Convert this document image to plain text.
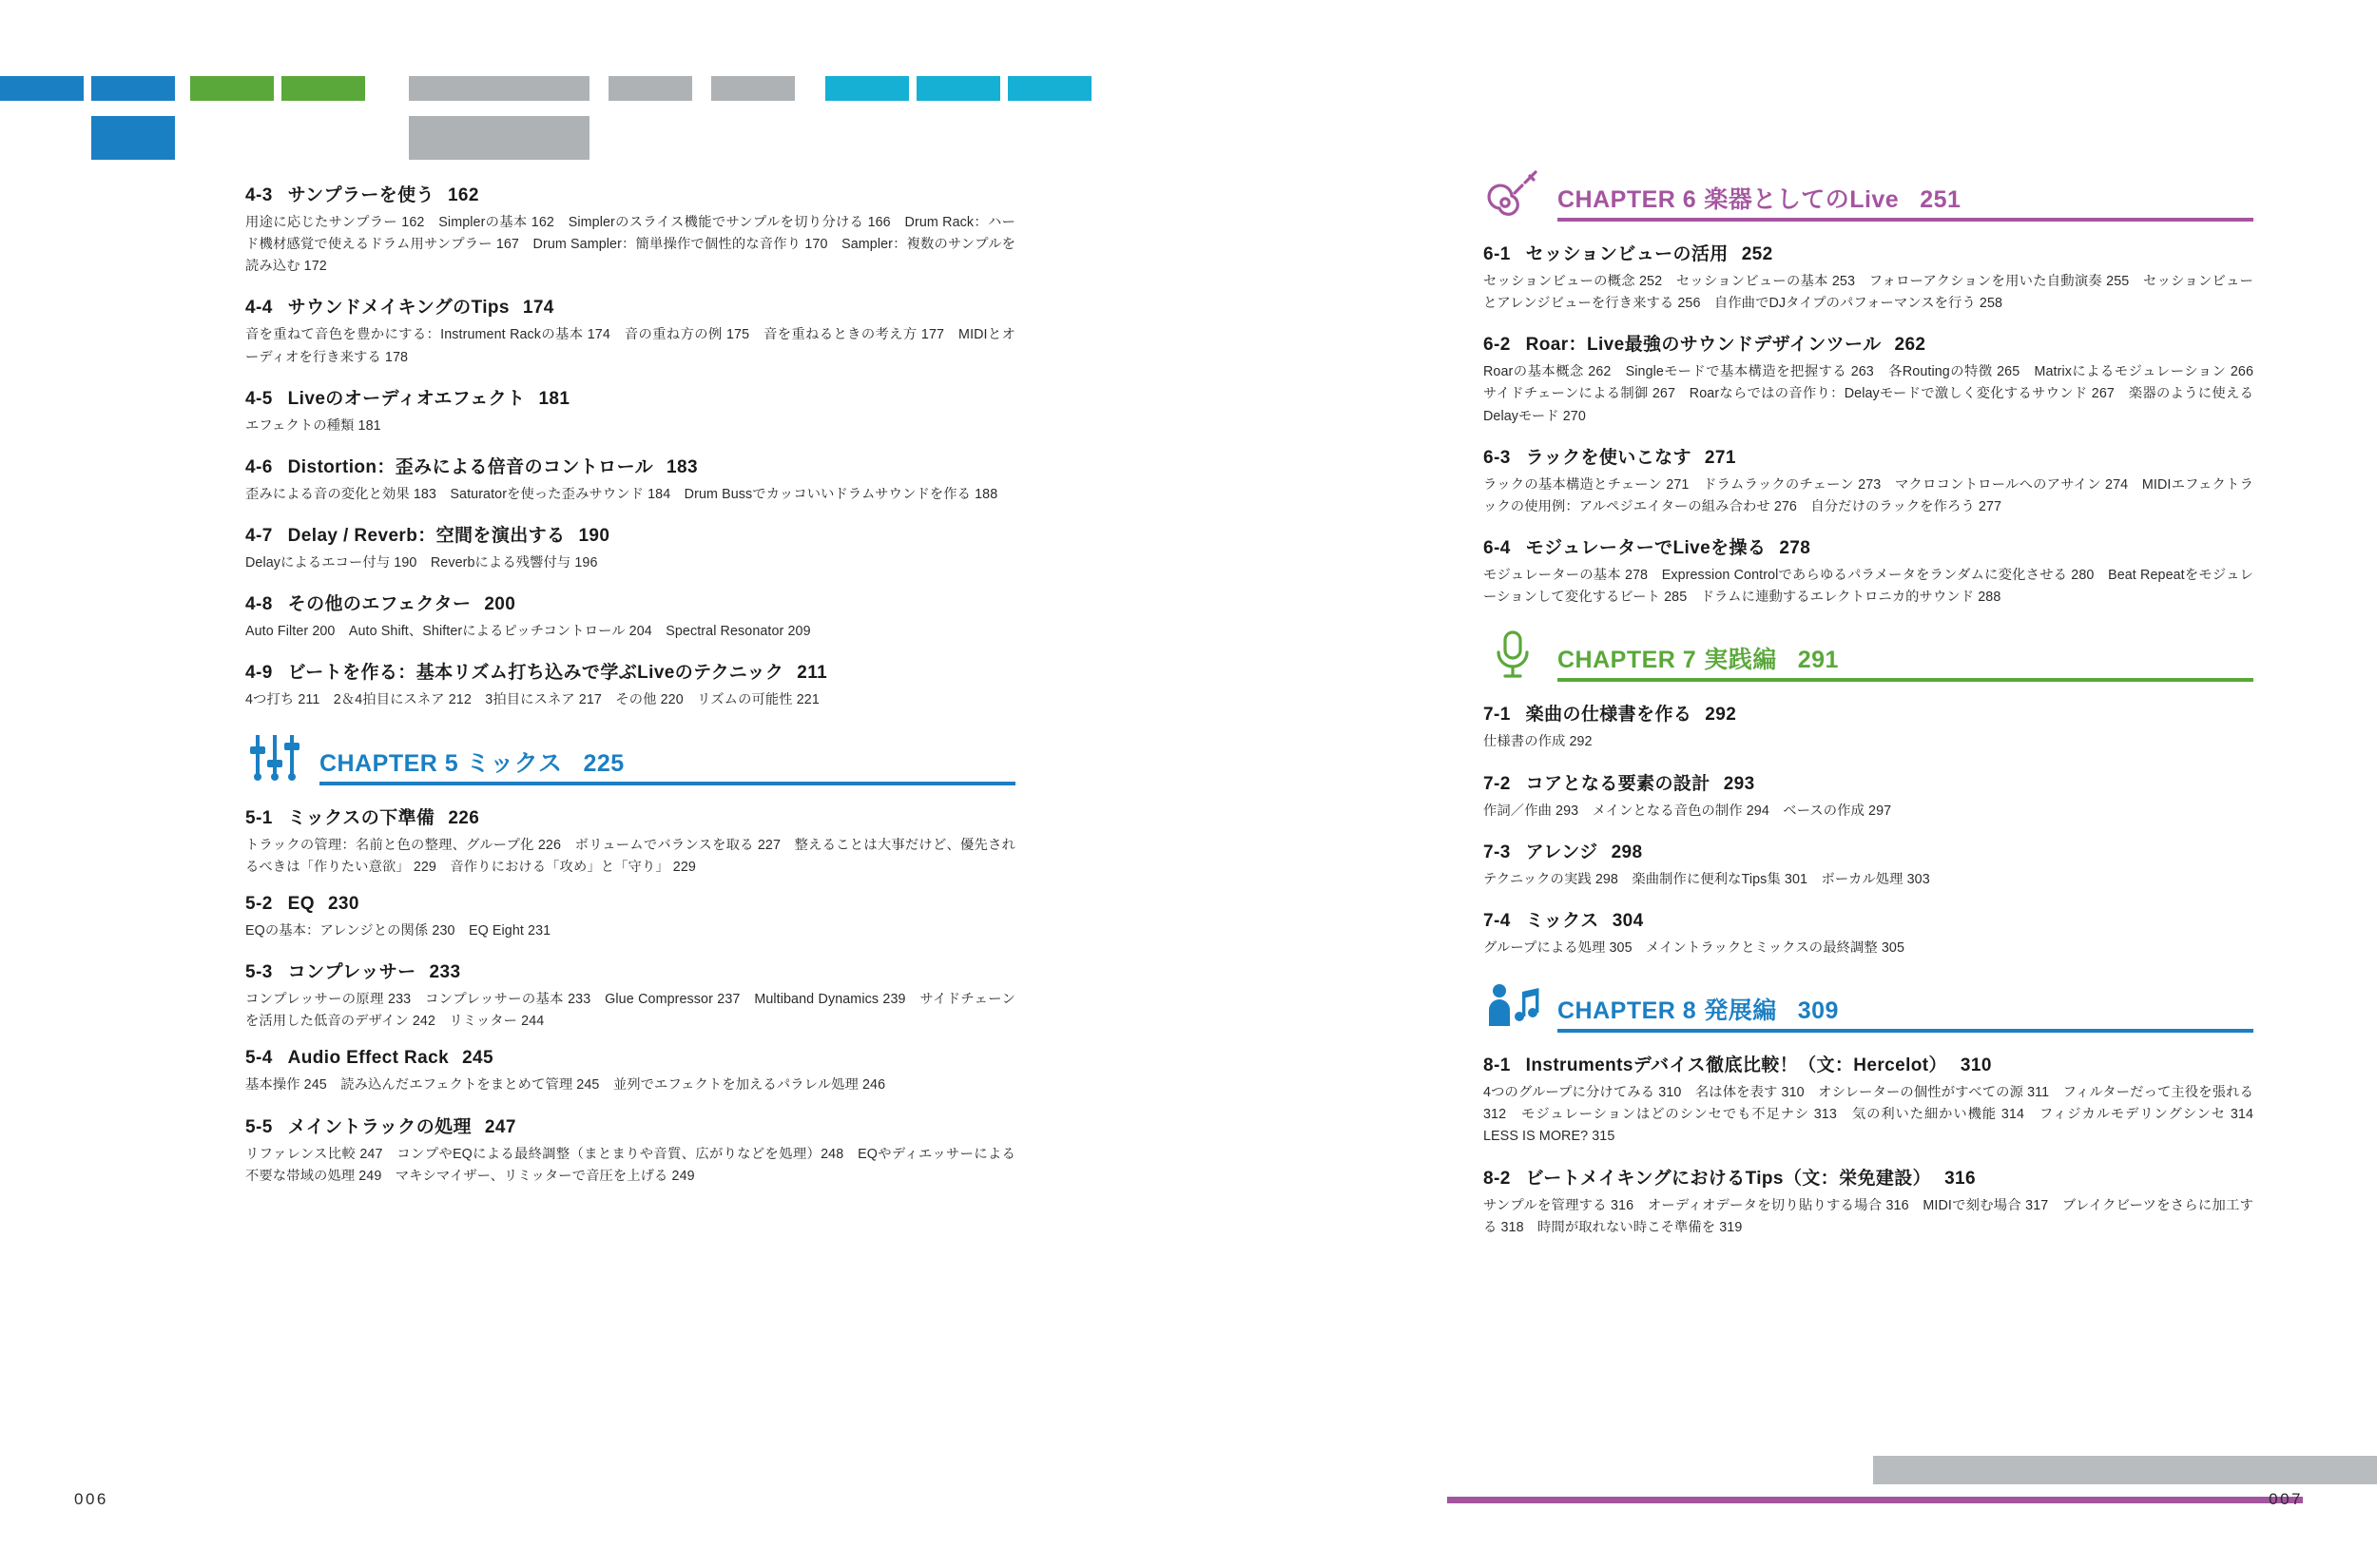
4-3 サンプラーを使う 162
用途に応じたサンプラー 162　Simplerの基本 162　Simplerのスライス機能でサンプルを切り分ける 166　Drum Rack：ハード機材感覚で使えるドラム用サンプラー 167　Drum Sampler：簡単操作で個性的な音作り 170　Sampler：複数のサンプルを読み込む 172
4-4 サウンドメイキングのTips 174
音を重ねて音色を豊かにする：Instrument Rackの基本 174　音の重ね方の例 175　音を重ねるときの考え方 177　MIDIとオーディオを行き来する 178
4-5 Liveのオーディオエフェクト 181
エフェクトの種類 181
4-6 Distortion：歪みによる倍音のコントロール 183
歪みによる音の変化と効果 183　Saturatorを使った歪みサウンド 184　Drum Bussでカッコいいドラムサウンドを作る 188
4-7 Delay / Reverb：空間を演出する 190
Delayによるエコー付与 190　Reverbによる残響付与 196
4-8 その他のエフェクター 200
Auto Filter 200　Auto Shift、Shifterによるピッチコントロール 204　Spectral Resonator 209
4-9 ビートを作る：基本リズム打ち込みで学ぶLiveのテクニック 211
4つ打ち 211　2＆4拍目にスネア 212　3拍目にスネア 217　その他 220　リズムの可能性 221
CHAPTER 5 ミックス 225
5-1 ミックスの下準備 226
トラックの管理：名前と色の整理、グループ化 226　ボリュームでバランスを取る 227　整えることは大事だけど、優先されるべきは「作りたい意欲」 229　音作りにおける「攻め」と「守り」 229
5-2 EQ 230
EQの基本：アレンジとの関係 230　EQ Eight 231
5-3 コンプレッサー 233
コンプレッサーの原理 233　コンプレッサーの基本 233　Glue Compressor 237　Multiband Dynamics 239　サイドチェーンを活用した低音のデザイン 242　リミッター 244
5-4 Audio Effect Rack 245
基本操作 245　読み込んだエフェクトをまとめて管理 245　並列でエフェクトを加えるパラレル処理 246
5-5 メイントラックの処理 247
リファレンス比較 247　コンプやEQによる最終調整（まとまりや音質、広がりなどを処理）248　EQやディエッサーによる不要な帯域の処理 249　マキシマイザー、リミッターで音圧を上げる 249
CHAPTER 6 楽器としてのLive 251
6-1 セッションビューの活用 252
セッションビューの概念 252　セッションビューの基本 253　フォローアクションを用いた自動演奏 255　セッションビューとアレンジビューを行き来する 256　自作曲でDJタイプのパフォーマンスを行う 258
6-2 Roar：Live最強のサウンドデザインツール 262
Roarの基本概念 262　Singleモードで基本構造を把握する 263　各Routingの特徴 265　Matrixによるモジュレーション 266　サイドチェーンによる制御 267　Roarならではの音作り：Delayモードで激しく変化するサウンド 267　楽器のように使えるDelayモード 270
6-3 ラックを使いこなす 271
ラックの基本構造とチェーン 271　ドラムラックのチェーン 273　マクロコントロールへのアサイン 274　MIDIエフェクトラックの使用例：アルペジエイターの組み合わせ 276　自分だけのラックを作ろう 277
6-4 モジュレーターでLiveを操る 278
モジュレーターの基本 278　Expression Controlであらゆるパラメータをランダムに変化させる 280　Beat Repeatをモジュレーションして変化するビート 285　ドラムに連動するエレクトロニカ的サウンド 288
CHAPTER 7 実践編 291
7-1 楽曲の仕様書を作る 292
仕様書の作成 292
7-2 コアとなる要素の設計 293
作詞／作曲 293　メインとなる音色の制作 294　ベースの作成 297
7-3 アレンジ 298
テクニックの実践 298　楽曲制作に便利なTips集 301　ボーカル処理 303
7-4 ミックス 304
グループによる処理 305　メイントラックとミックスの最終調整 305
CHAPTER 8 発展編 309
8-1 Instrumentsデバイス徹底比較！（文：Hercelot） 310
4つのグループに分けてみる 310　名は体を表す 310　オシレーターの個性がすべての源 311　フィルターだって主役を張れる 312　モジュレーションはどのシンセでも不足ナシ 313　気の利いた細かい機能 314　フィジカルモデリングシンセ 314　LESS IS MORE? 315
8-2 ビートメイキングにおけるTips（文：栄免建設） 316
サンプルを管理する 316　オーディオデータを切り貼りする場合 316　MIDIで刻む場合 317　ブレイクビーツをさらに加工する 318　時間が取れない時こそ準備を 319
006	007
